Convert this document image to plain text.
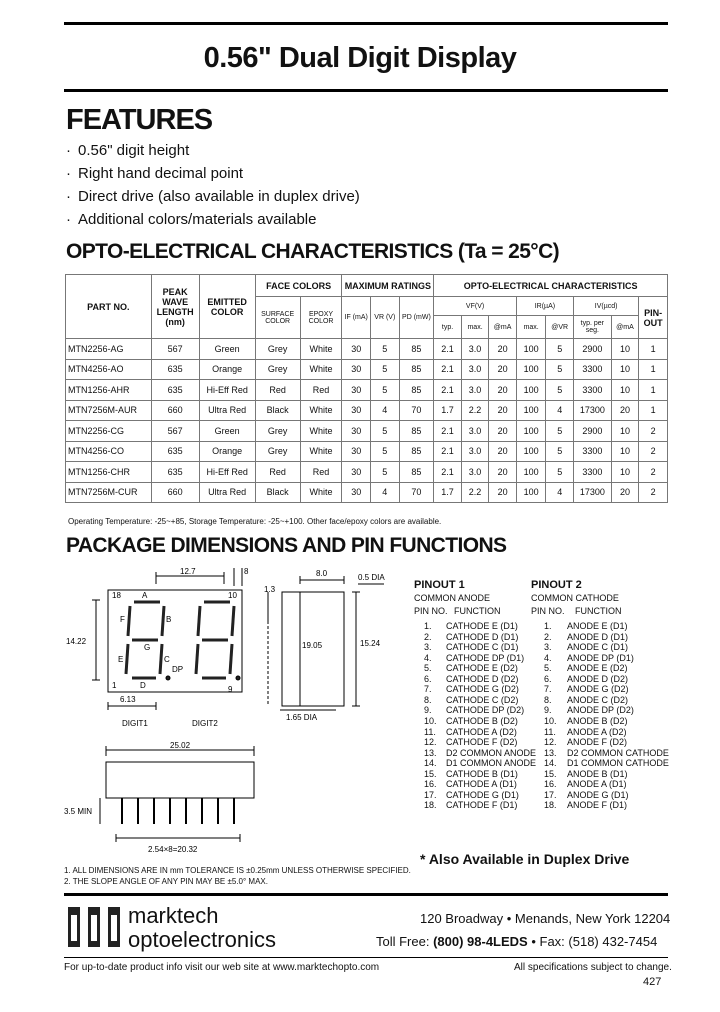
0.56" Dual Digit Display
FEATURES
· 0.56" digit height
· Right hand decimal point
· Direct drive (also available in duplex drive)
· Additional colors/materials available
OPTO-ELECTRICAL CHARACTERISTICS (Ta = 25°C)
PART NO.	PEAK WAVE LENGTH (nm)	EMITTED COLOR	FACE COLORS		MAXIMUM RATINGS			OPTO-ELECTRICAL CHARACTERISTICS							
			SURFACE COLOR	EPOXY COLOR	IF (mA)	VR (V)	PD (mW)	VF(V)			IR(µA)		IV(µcd)		PIN-OUT
								typ.	max.	@mA	max.	@VR	typ. per seg.	@mA	
MTN2256-AG	567	Green	Grey	White	30	5	85	2.1	3.0	20	100	5	2900	10	1
MTN4256-AO	635	Orange	Grey	White	30	5	85	2.1	3.0	20	100	5	3300	10	1
MTN1256-AHR	635	Hi-Eff Red	Red	Red	30	5	85	2.1	3.0	20	100	5	3300	10	1
MTN7256M-AUR	660	Ultra Red	Black	White	30	4	70	1.7	2.2	20	100	4	17300	20	1
MTN2256-CG	567	Green	Grey	White	30	5	85	2.1	3.0	20	100	5	2900	10	2
MTN4256-CO	635	Orange	Grey	White	30	5	85	2.1	3.0	20	100	5	3300	10	2
MTN1256-CHR	635	Hi-Eff Red	Red	Red	30	5	85	2.1	3.0	20	100	5	3300	10	2
MTN7256M-CUR	660	Ultra Red	Black	White	30	4	70	1.7	2.2	20	100	4	17300	20	2
Operating Temperature: -25~+85, Storage Temperature: -25~+100. Other face/epoxy colors are available.
PACKAGE DIMENSIONS AND PIN FUNCTIONS
12.7	8	8.0	0.5 DIA
1.3
14.22	19.05	15.24
1.65 DIA
6.13
DIGIT1	DIGIT2
25.02
3.5 MIN
2.54×8=20.32
A
B
C
D
E
F
G
DP
1	9
18	10
PINOUT 1
COMMON ANODE
PIN NO. FUNCTION
PINOUT 2
COMMON CATHODE
PIN NO. FUNCTION
1. CATHODE E (D1)
2. CATHODE D (D1)
3. CATHODE C (D1)
4. CATHODE DP (D1)
5. CATHODE E (D2)
6. CATHODE D (D2)
7. CATHODE G (D2)
8. CATHODE C (D2)
9. CATHODE DP (D2)
10. CATHODE B (D2)
11. CATHODE A (D2)
12. CATHODE F (D2)
13. D2 COMMON ANODE
14. D1 COMMON ANODE
15. CATHODE B (D1)
16. CATHODE A (D1)
17. CATHODE G (D1)
18. CATHODE F (D1)
1. ANODE E (D1)
2. ANODE D (D1)
3. ANODE C (D1)
4. ANODE DP (D1)
5. ANODE E (D2)
6. ANODE D (D2)
7. ANODE G (D2)
8. ANODE C (D2)
9. ANODE DP (D2)
10. ANODE B (D2)
11. ANODE A (D2)
12. ANODE F (D2)
13. D2 COMMON CATHODE
14. D1 COMMON CATHODE
15. ANODE B (D1)
16. ANODE A (D1)
17. ANODE G (D1)
18. ANODE F (D1)
1. ALL DIMENSIONS ARE IN mm TOLERANCE IS ±0.25mm UNLESS OTHERWISE SPECIFIED.
2. THE SLOPE ANGLE OF ANY PIN MAY BE ±5.0° MAX.
* Also Available in Duplex Drive
marktech
optoelectronics
120 Broadway • Menands, New York 12204
Toll Free: (800) 98-4LEDS • Fax: (518) 432-7454
For up-to-date product info visit our web site at www.marktechopto.com	All specifications subject to change.
427
